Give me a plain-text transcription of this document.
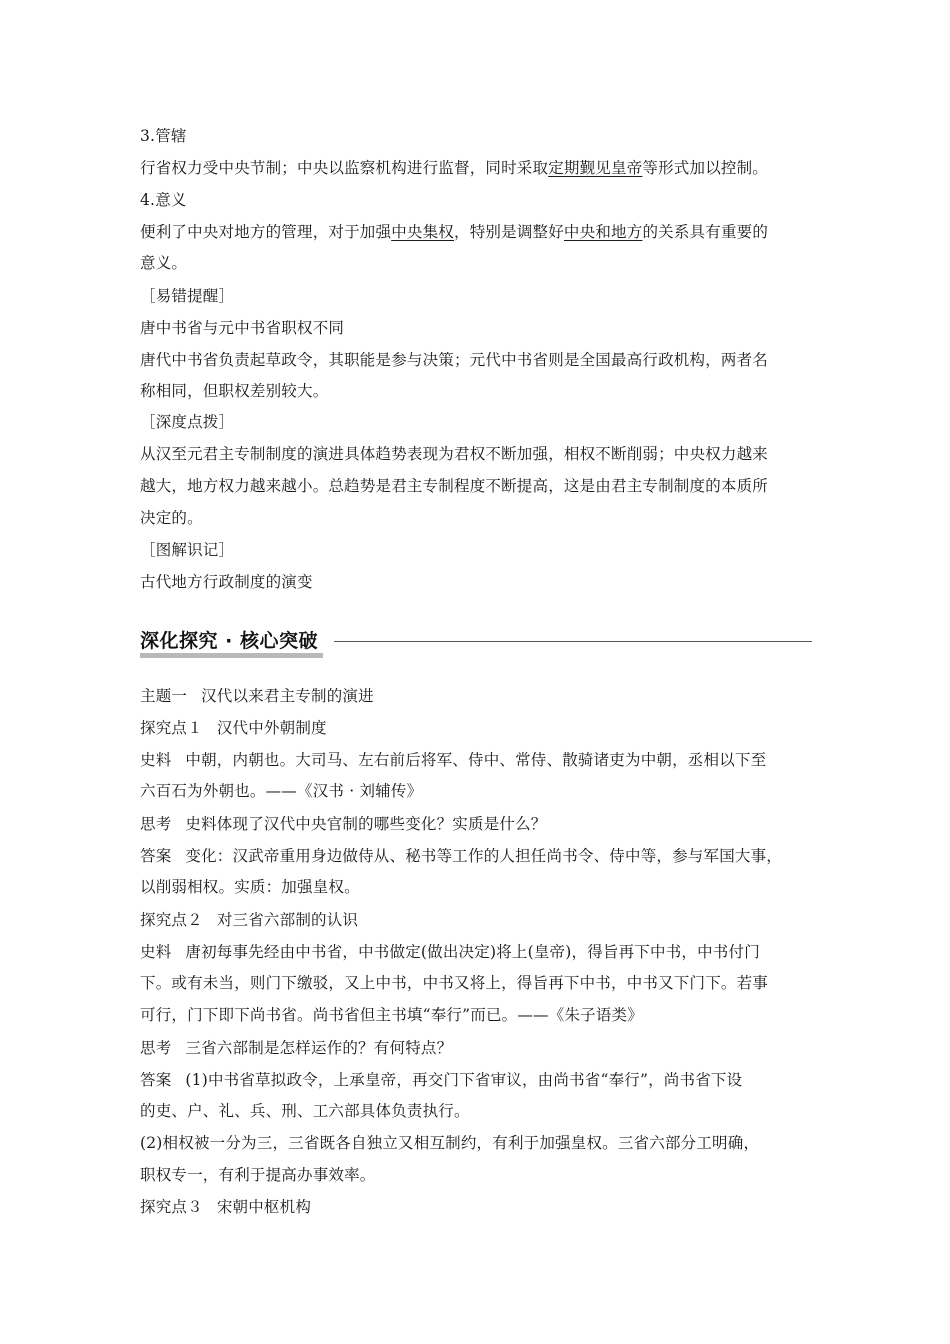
3.管辖
行省权力受中央节制；中央以监察机构进行监督，同时采取定期觐见皇帝等形式加以控制。
4.意义
便利了中央对地方的管理，对于加强中央集权，特别是调整好中央和地方的关系具有重要的
意义。
［易错提醒］
唐中书省与元中书省职权不同
唐代中书省负责起草政令，其职能是参与决策；元代中书省则是全国最高行政机构，两者名
称相同，但职权差别较大。
［深度点拨］
从汉至元君主专制制度的演进具体趋势表现为君权不断加强，相权不断削弱；中央权力越来
越大，地方权力越来越小。总趋势是君主专制程度不断提高，这是由君主专制制度的本质所
决定的。
［图解识记］
古代地方行政制度的演变
深化探究 · 核心突破
主题一 汉代以来君主专制的演进
探究点１ 汉代中外朝制度
史料 中朝，内朝也。大司马、左右前后将军、侍中、常侍、散骑诸吏为中朝，丞相以下至
六百石为外朝也。——《汉书 · 刘辅传》
思考 史料体现了汉代中央官制的哪些变化？实质是什么？
答案 变化：汉武帝重用身边做侍从、秘书等工作的人担任尚书令、侍中等，参与军国大事，
以削弱相权。实质：加强皇权。
探究点２ 对三省六部制的认识
史料 唐初每事先经由中书省，中书做定(做出决定)将上(皇帝)，得旨再下中书，中书付门
下。或有未当，则门下缴驳，又上中书，中书又将上，得旨再下中书，中书又下门下。若事
可行，门下即下尚书省。尚书省但主书填“奉行”而已。——《朱子语类》
思考 三省六部制是怎样运作的？有何特点？
答案 (1)中书省草拟政令，上承皇帝，再交门下省审议，由尚书省“奉行”，尚书省下设
的吏、户、礼、兵、刑、工六部具体负责执行。
(2)相权被一分为三，三省既各自独立又相互制约，有利于加强皇权。三省六部分工明确，
职权专一，有利于提高办事效率。
探究点３ 宋朝中枢机构
